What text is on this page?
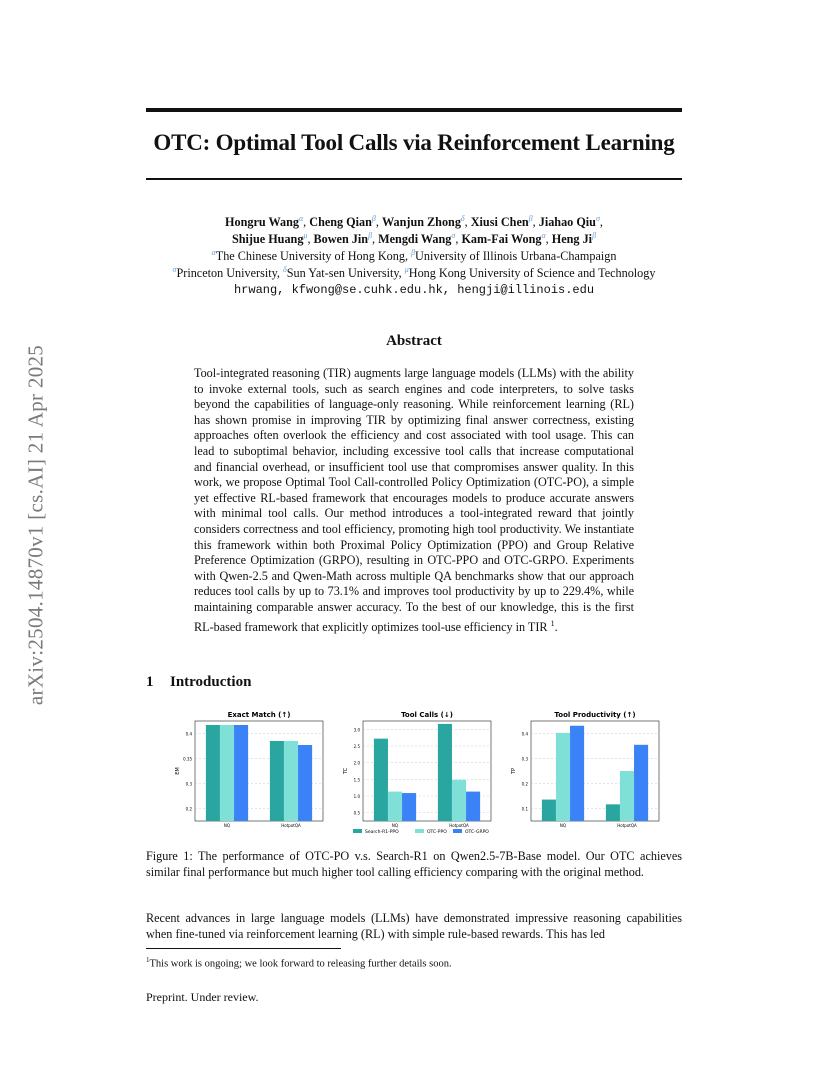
arXiv:2504.14870v1 [cs.AI] 21 Apr 2025
OTC: Optimal Tool Calls via Reinforcement Learning
Hongru Wang$^\alpha$, Cheng Qian$^\beta$, Wanjun Zhong$^\delta$, Xiusi Chen$^\beta$, Jiahao Qiu$^\sigma$,
Shijue Huang$^\mu$, Bowen Jin$^\beta$, Mengdi Wang$^\sigma$, Kam-Fai Wong$^\alpha$, Heng $Ji^\beta$
$^\alpha$The Chinese University of Hong Kong, $^\beta$University of Illinois Urbana-Champaign
$^\sigma$Princeton University, $^\delta$Sun Yat-sen University, $^\mu$Hong Kong University of Science and Technology
hrwang, kfwong@se.cuhk.edu.hk, hengji@illinois.edu
Abstract

Tool-integrated reasoning (TIR) augments large language models (LLMs) with the ability to invoke external tools, such as search engines and code interpreters, to solve tasks beyond the capabilities of language-only reasoning. While reinforcement learning (RL) has shown promise in improving TIR by optimizing final answer correctness, existing approaches often overlook the efficiency and cost associated with tool usage. This can lead to suboptimal behavior, including excessive tool calls that increase computational and financial overhead, or insufficient tool use that compromises answer quality. In this work, we propose Optimal Tool Call-controlled Policy Optimization (OTC-PO), a simple yet effective RL-based framework that encourages models to produce accurate answers with minimal tool calls. Our method introduces a tool-integrated reward that jointly considers correctness and tool efficiency, promoting high tool productivity. We instantiate this framework within both Proximal Policy Optimization (PPO) and Group Relative Preference Optimization (GRPO), resulting in OTC-PPO and OTC-GRPO. Experiments with Qwen-2.5 and Qwen-Math across multiple QA benchmarks show that our approach reduces tool calls by up to 73.1% and improves tool productivity by up to 229.4%, while maintaining comparable answer accuracy. To the best of our knowledge, this is the first RL-based framework that explicitly optimizes tool-use efficiency in TIR $^1$.

1 Introduction
Exact Match (↑)
0.2
0.3
0.35
0.4
EM
NQ	HotpotQA
Tool Calls (↓)
0.5
1.0
1.5
2.0
2.5
3.0
TC
NQ	HotpotQA
Tool Productivity (↑)
0.1
0.2
0.3
0.4
TP
NQ	HotpotQA
Search-R1-PPO	OTC-PPO	OTC-GRPO
Figure 1: The performance of OTC-PO v.s. Search-R1 on Qwen2.5-7B-Base model. Our OTC achieves similar final performance but much higher tool calling efficiency comparing with the original method.
Recent advances in large language models (LLMs) have demonstrated impressive reasoning capabilities when fine-tuned via reinforcement learning (RL) with simple rule-based rewards. This has led
$^1$This work is ongoing; we look forward to releasing further details soon.
Preprint. Under review.
